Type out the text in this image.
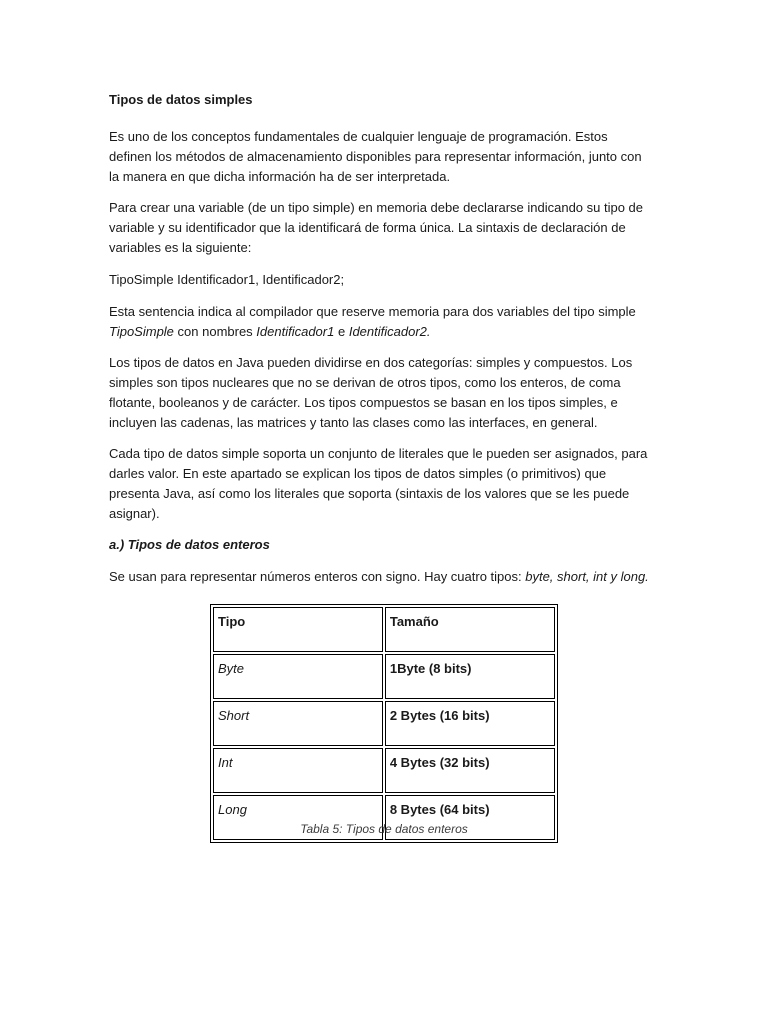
Tipos de datos simples

Es uno de los conceptos fundamentales de cualquier lenguaje de programación. Estos definen los métodos de almacenamiento disponibles para representar información, junto con la manera en que dicha información ha de ser interpretada.

Para crear una variable (de un tipo simple) en memoria debe declararse indicando su tipo de variable y su identificador que la identificará de forma única. La sintaxis de declaración de variables es la siguiente:

TipoSimple Identificador1, Identificador2;

Esta sentencia indica al compilador que reserve memoria para dos variables del tipo simple TipoSimple con nombres Identificador1 e Identificador2.

Los tipos de datos en Java pueden dividirse en dos categorías: simples y compuestos. Los simples son tipos nucleares que no se derivan de otros tipos, como los enteros, de coma flotante, booleanos y de carácter. Los tipos compuestos se basan en los tipos simples, e incluyen las cadenas, las matrices y tanto las clases como las interfaces, en general.

Cada tipo de datos simple soporta un conjunto de literales que le pueden ser asignados, para darles valor. En este apartado se explican los tipos de datos simples (o primitivos) que presenta Java, así como los literales que soporta (sintaxis de los valores que se les puede asignar).

a.) Tipos de datos enteros

Se usan para representar números enteros con signo. Hay cuatro tipos: byte, short, int y long.

Tipo	Tamaño
Byte	1Byte (8 bits)
Short	2 Bytes (16 bits)
Int	4 Bytes (32 bits)
Long	8 Bytes (64 bits)
Tabla 5: Tipos de datos enteros
